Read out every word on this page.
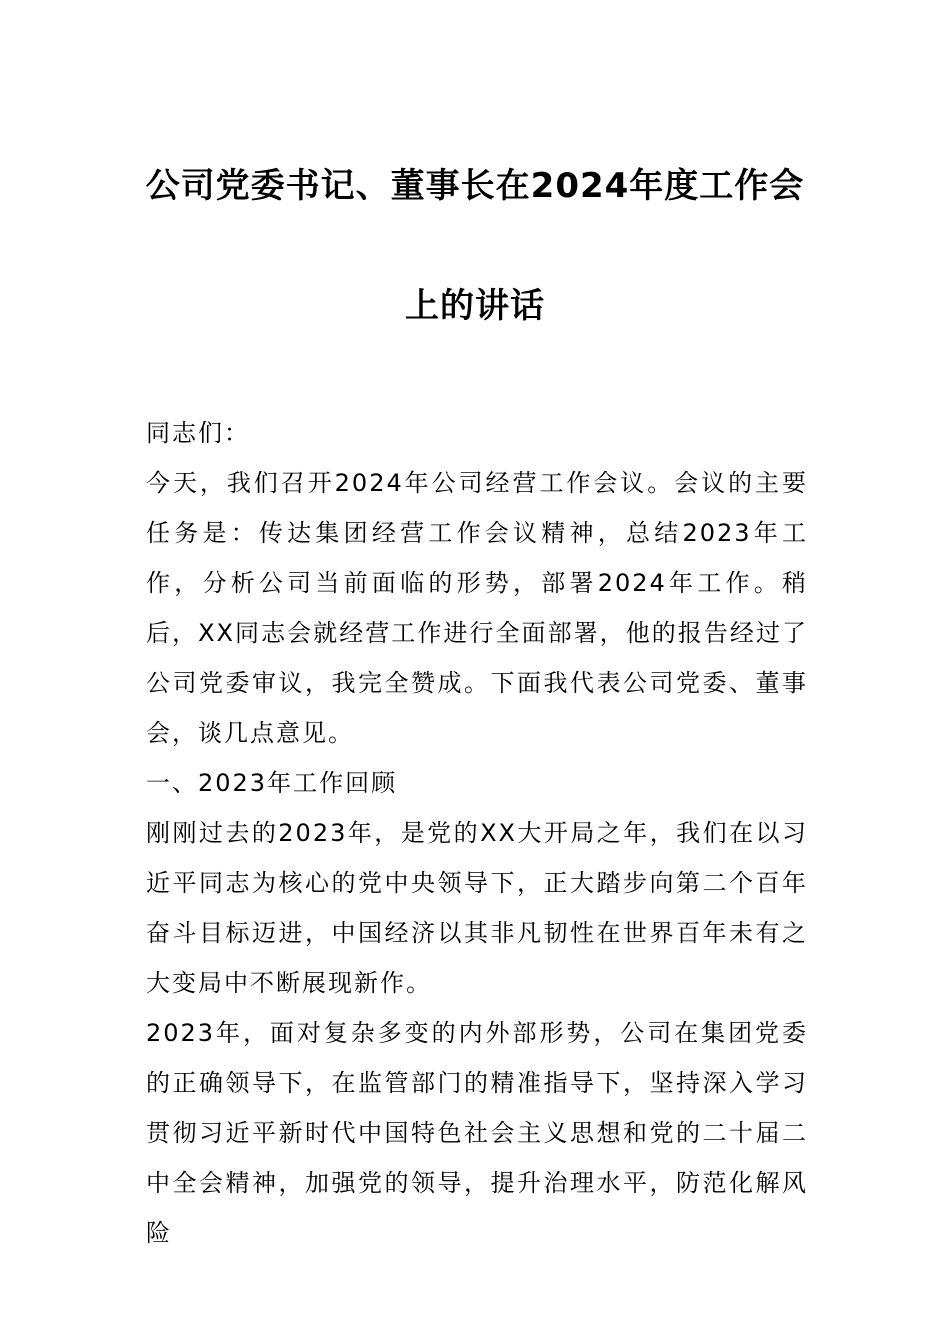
公司党委书记、董事长在2024年度工作会
上的讲话

同志们：

今天，我们召开2024年公司经营工作会议。会议的主要任务是：传达集团经营工作会议精神，总结2023年工作，分析公司当前面临的形势，部署2024年工作。稍后，XX同志会就经营工作进行全面部署，他的报告经过了公司党委审议，我完全赞成。下面我代表公司党委、董事会，谈几点意见。

一、2023年工作回顾

刚刚过去的2023年，是党的XX大开局之年，我们在以习近平同志为核心的党中央领导下，正大踏步向第二个百年奋斗目标迈进，中国经济以其非凡韧性在世界百年未有之大变局中不断展现新作。

2023年，面对复杂多变的内外部形势，公司在集团党委的正确领导下，在监管部门的精准指导下，坚持深入学习贯彻习近平新时代中国特色社会主义思想和党的二十届二中全会精神，加强党的领导，提升治理水平，防范化解风险
